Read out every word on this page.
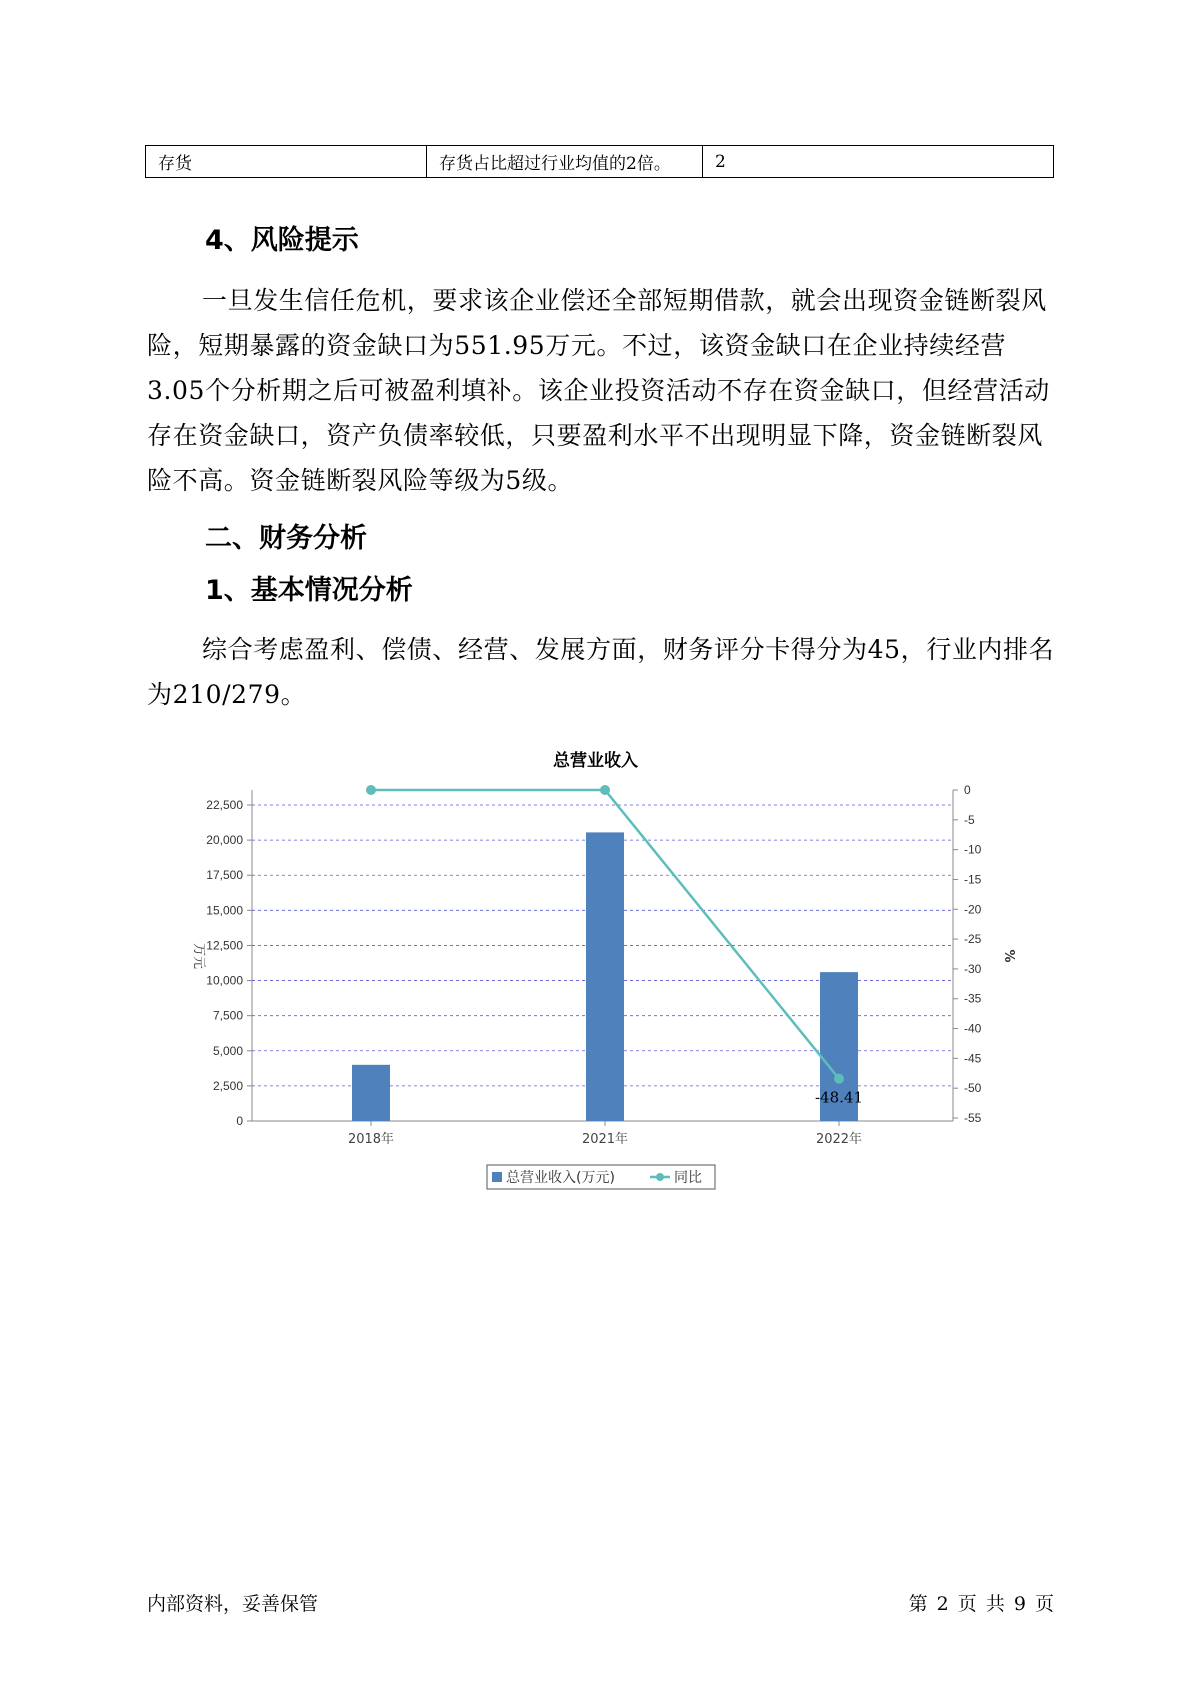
存货	存货占比超过行业均值的2倍。	2
4、风险提示

一旦发生信任危机，要求该企业偿还全部短期借款，就会出现资金链断裂风险，短期暴露的资金缺口为551.95万元。不过，该资金缺口在企业持续经营 3.05个分析期之后可被盈利填补。该企业投资活动不存在资金缺口，但经营活动存在资金缺口，资产负债率较低，只要盈利水平不出现明显下降，资金链断裂风险不高。资金链断裂风险等级为5级。

二、财务分析
1、基本情况分析

综合考虑盈利、偿债、经营、发展方面，财务评分卡得分为45，行业内排名为210/279。

总营业收入
0
2,500
5,000
7,500
10,000
12,500
15,000
17,500
20,000
22,500
0
-5
-10
-15
-20
-25
-30
-35
-40
-45
-50
-55
万元	%
2018年	2021年	2022年
-48.41
总营业收入(万元)	同比
内部资料，妥善保管	第 2 页 共 9 页
